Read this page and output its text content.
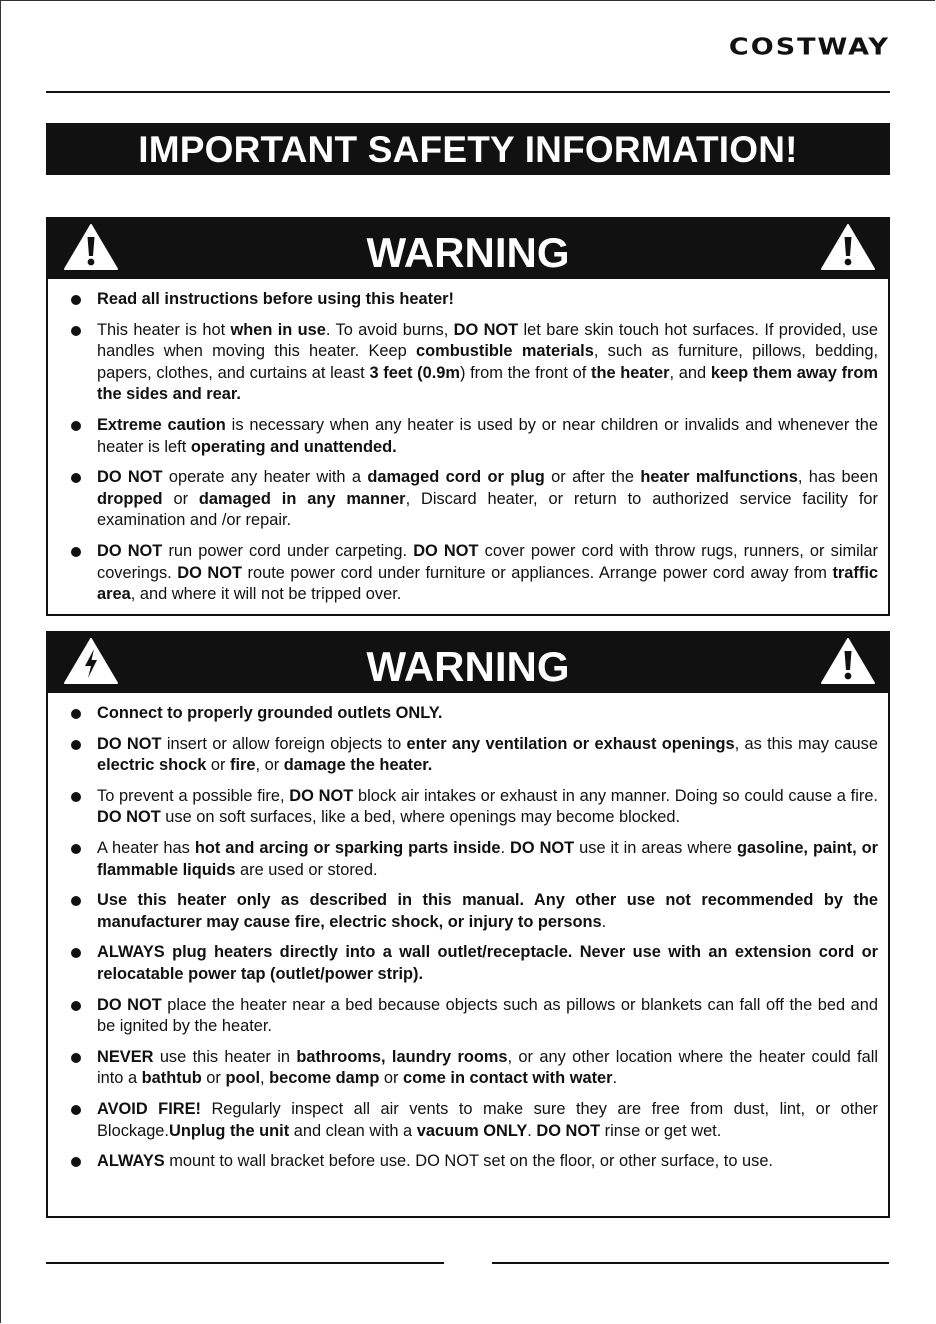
COSTWAY
IMPORTANT SAFETY INFORMATION!
WARNING
Read all instructions before using this heater!
This heater is hot when in use. To avoid burns, DO NOT let bare skin touch hot surfaces. If provided, use handles when moving this heater. Keep combustible materials, such as furniture, pillows, bedding, papers, clothes, and curtains at least 3 feet (0.9m) from the front of the heater, and keep them away from the sides and rear.
Extreme caution is necessary when any heater is used by or near children or invalids and whenever the heater is left operating and unattended.
DO NOT operate any heater with a damaged cord or plug or after the heater malfunctions, has been dropped or damaged in any manner, Discard heater, or return to authorized service facility for examination and /or repair.
DO NOT run power cord under carpeting. DO NOT cover power cord with throw rugs, runners, or similar coverings. DO NOT route power cord under furniture or appliances. Arrange power cord away from traffic area, and where it will not be tripped over.
WARNING
Connect to properly grounded outlets ONLY.
DO NOT insert or allow foreign objects to enter any ventilation or exhaust openings, as this may cause electric shock or fire, or damage the heater.
To prevent a possible fire, DO NOT block air intakes or exhaust in any manner. Doing so could cause a fire. DO NOT use on soft surfaces, like a bed, where openings may become blocked.
A heater has hot and arcing or sparking parts inside. DO NOT use it in areas where gasoline, paint, or flammable liquids are used or stored.
Use this heater only as described in this manual. Any other use not recommended by the manufacturer may cause fire, electric shock, or injury to persons.
ALWAYS plug heaters directly into a wall outlet/receptacle. Never use with an extension cord or relocatable power tap (outlet/power strip).
DO NOT place the heater near a bed because objects such as pillows or blankets can fall off the bed and be ignited by the heater.
NEVER use this heater in bathrooms, laundry rooms, or any other location where the heater could fall into a bathtub or pool, become damp or come in contact with water.
AVOID FIRE! Regularly inspect all air vents to make sure they are free from dust, lint, or other Blockage.Unplug the unit and clean with a vacuum ONLY. DO NOT rinse or get wet.
ALWAYS mount to wall bracket before use. DO NOT set on the floor, or other surface, to use.
